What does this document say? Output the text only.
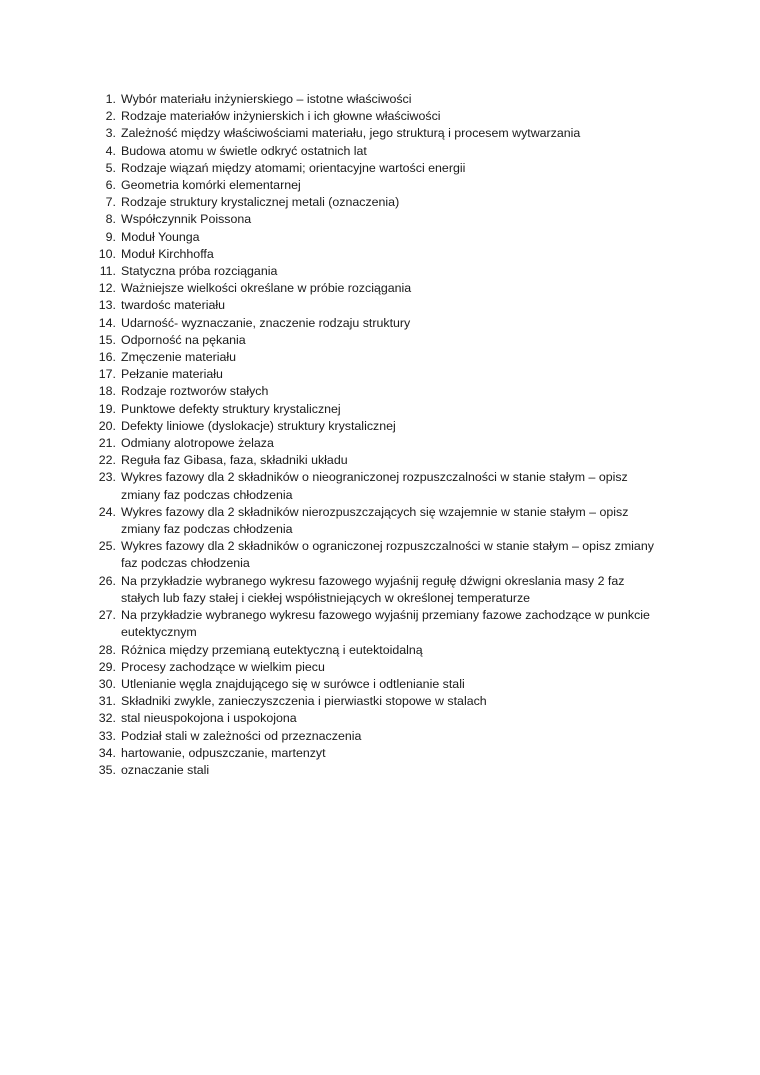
1. Wybór materiału inżynierskiego – istotne właściwości
2. Rodzaje materiałów inżynierskich i ich głowne właściwości
3. Zależność między właściwościami materiału, jego strukturą i procesem wytwarzania
4. Budowa atomu w świetle odkryć ostatnich lat
5. Rodzaje wiązań między atomami; orientacyjne wartości energii
6. Geometria komórki elementarnej
7. Rodzaje struktury krystalicznej metali (oznaczenia)
8. Współczynnik Poissona
9. Moduł Younga
10. Moduł Kirchhoffa
11. Statyczna próba rozciągania
12. Ważniejsze wielkości określane w próbie rozciągania
13. twardośc materiału
14. Udarność- wyznaczanie, znaczenie rodzaju struktury
15. Odporność na pękania
16. Zmęczenie materiału
17. Pełzanie materiału
18. Rodzaje roztworów stałych
19. Punktowe defekty struktury krystalicznej
20. Defekty liniowe (dyslokacje) struktury krystalicznej
21. Odmiany alotropowe żelaza
22. Reguła faz Gibasa, faza, składniki układu
23. Wykres fazowy dla 2 składników o nieograniczonej rozpuszczalności w stanie stałym – opisz zmiany faz podczas chłodzenia
24. Wykres fazowy dla 2 składników nierozpuszczających się wzajemnie w stanie stałym – opisz zmiany faz podczas chłodzenia
25. Wykres fazowy dla 2 składników o ograniczonej rozpuszczalności w stanie stałym – opisz zmiany faz podczas chłodzenia
26. Na przykładzie wybranego wykresu fazowego wyjaśnij regułę dźwigni okreslania masy 2 faz stałych lub fazy stałej i ciekłej współistniejących w określonej temperaturze
27. Na przykładzie wybranego wykresu fazowego wyjaśnij przemiany fazowe zachodzące w punkcie eutektycznym
28. Różnica między przemianą eutektyczną i eutektoidalną
29. Procesy zachodzące w wielkim piecu
30. Utlenianie węgla znajdującego się w surówce i odtlenianie stali
31. Składniki zwykle, zanieczyszczenia i pierwiastki stopowe w stalach
32. stal nieuspokojona i uspokojona
33. Podział stali w zależności od przeznaczenia
34. hartowanie, odpuszczanie, martenzyt
35. oznaczanie stali
